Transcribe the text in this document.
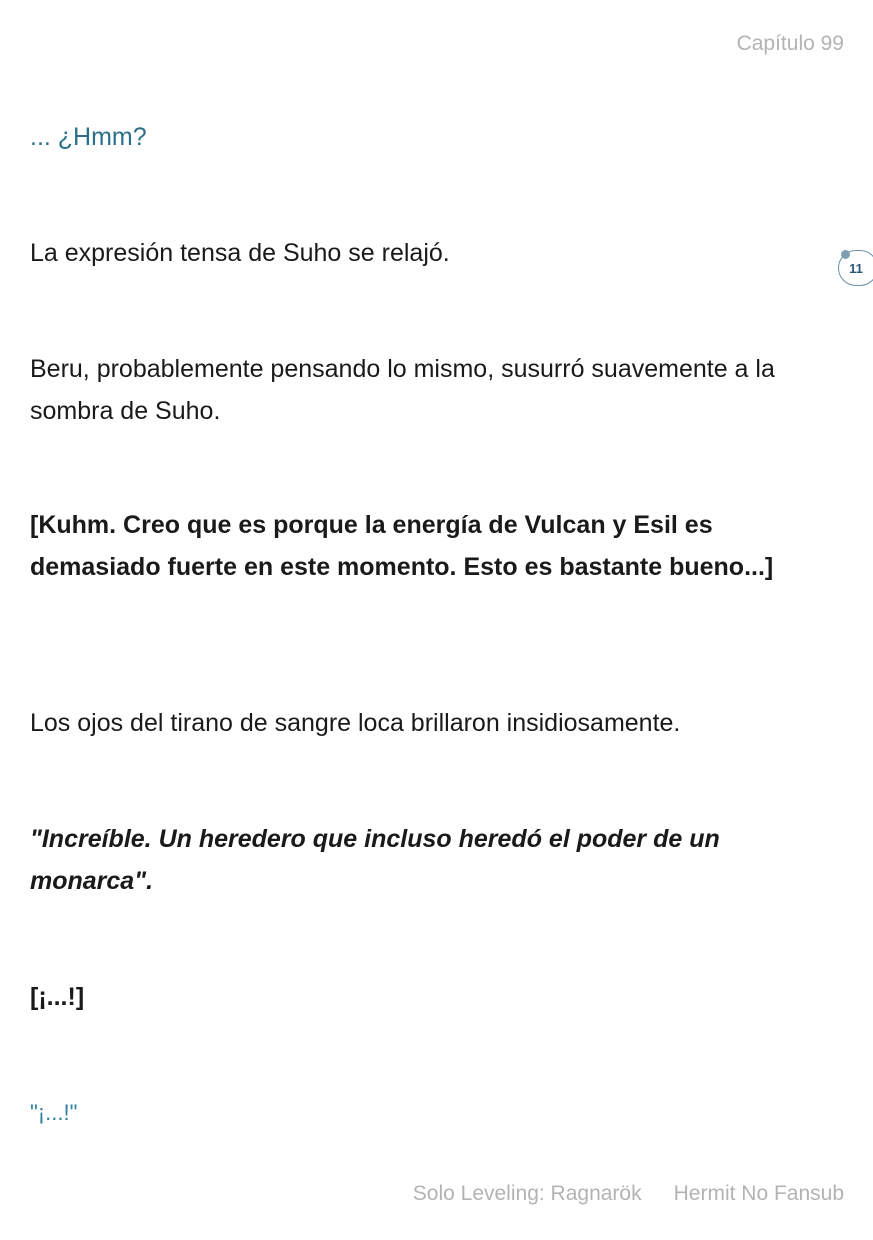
Capítulo 99

... ¿Hmm?

La expresión tensa de Suho se relajó.

Beru, probablemente pensando lo mismo, susurró suavemente a la sombra de Suho.

[Kuhm. Creo que es porque la energía de Vulcan y Esil es demasiado fuerte en este momento. Esto es bastante bueno...]

Los ojos del tirano de sangre loca brillaron insidiosamente.

"Increíble. Un heredero que incluso heredó el poder de un monarca".

[¡...!]

"¡...!"

11
Solo Leveling: Ragnarök Hermit No Fansub
